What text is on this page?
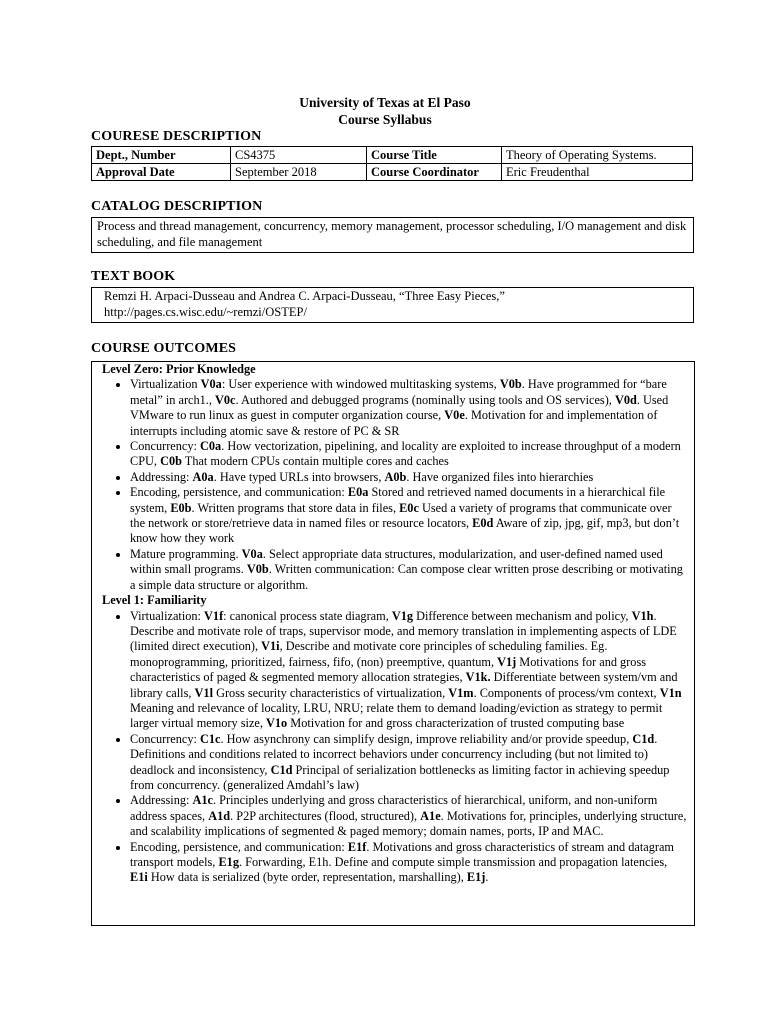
University of Texas at El Paso
Course Syllabus
COURESE DESCRIPTION
Dept., Number	CS4375	Course Title	Theory of Operating Systems.
Approval Date	September 2018	Course Coordinator	Eric Freudenthal
CATALOG DESCRIPTION

Process and thread management, concurrency, memory management, processor scheduling, I/O management and disk scheduling, and file management

TEXT BOOK

Remzi H. Arpaci-Dusseau and Andrea C. Arpaci-Dusseau, “Three Easy Pieces,”

http://pages.cs.wisc.edu/~remzi/OSTEP/

COURSE OUTCOMES

Level Zero: Prior Knowledge

• Virtualization V0a: User experience with windowed multitasking systems, V0b. Have programmed for “bare metal” in arch1., V0c. Authored and debugged programs (nominally using tools and OS services), V0d. Used VMware to run linux as guest in computer organization course, V0e. Motivation for and implementation of interrupts including atomic save & restore of PC & SR
• Concurrency: C0a. How vectorization, pipelining, and locality are exploited to increase throughput of a modern CPU, C0b That modern CPUs contain multiple cores and caches
• Addressing: A0a. Have typed URLs into browsers, A0b. Have organized files into hierarchies
• Encoding, persistence, and communication: E0a Stored and retrieved named documents in a hierarchical file system, E0b. Written programs that store data in files, E0c Used a variety of programs that communicate over the network or store/retrieve data in named files or resource locators, E0d Aware of zip, jpg, gif, mp3, but don’t know how they work
• Mature programming. V0a. Select appropriate data structures, modularization, and user-defined named used within small programs. V0b. Written communication: Can compose clear written prose describing or motivating a simple data structure or algorithm.

Level 1: Familiarity

• Virtualization: V1f: canonical process state diagram, V1g Difference between mechanism and policy, V1h. Describe and motivate role of traps, supervisor mode, and memory translation in implementing aspects of LDE (limited direct execution), V1i, Describe and motivate core principles of scheduling families. Eg. monoprogramming, prioritized, fairness, fifo, (non) preemptive, quantum, V1j Motivations for and gross characteristics of paged & segmented memory allocation strategies, V1k. Differentiate between system/vm and library calls, V1l Gross security characteristics of virtualization, V1m. Components of process/vm context, V1n Meaning and relevance of locality, LRU, NRU; relate them to demand loading/eviction as strategy to permit larger virtual memory size, V1o Motivation for and gross characterization of trusted computing base
• Concurrency: C1c. How asynchrony can simplify design, improve reliability and/or provide speedup, C1d. Definitions and conditions related to incorrect behaviors under concurrency including (but not limited to) deadlock and inconsistency, C1d Principal of serialization bottlenecks as limiting factor in achieving speedup from concurrency. (generalized Amdahl’s law)
• Addressing: A1c. Principles underlying and gross characteristics of hierarchical, uniform, and non-uniform address spaces, A1d. P2P architectures (flood, structured), A1e. Motivations for, principles, underlying structure, and scalability implications of segmented & paged memory; domain names, ports, IP and MAC.
• Encoding, persistence, and communication: E1f. Motivations and gross characteristics of stream and datagram transport models, E1g. Forwarding, E1h. Define and compute simple transmission and propagation latencies, E1i How data is serialized (byte order, representation, marshalling), E1j.
